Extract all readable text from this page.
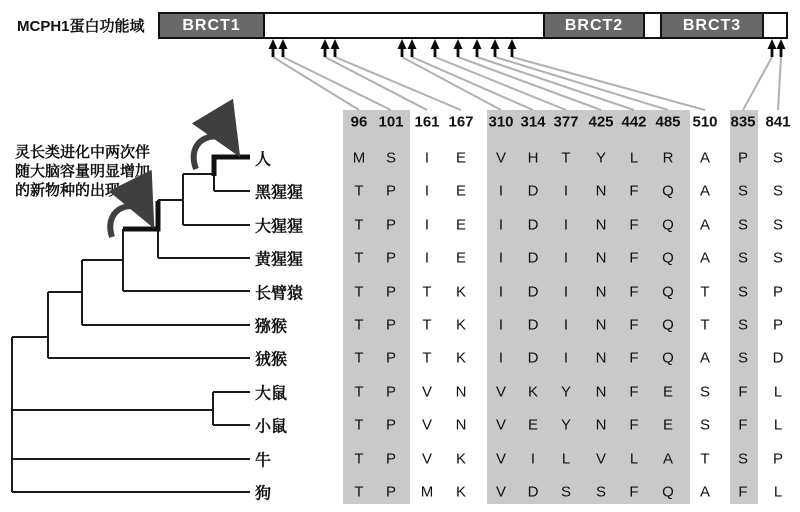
MCPH1蛋白功能域	BRCT1	BRCT2	BRCT3
灵长类进化中两次伴
随大脑容量明显增加
的新物种的出现
96 101 161 167 310 314 377 425 442 485 510 835 841
人	M S I E V H T Y L R A P S
黑猩猩	T P I E I D I N F Q A S S
大猩猩	T P I E I D I N F Q A S S
黄猩猩	T P I E I D I N F Q A S S
长臂猿	T P T K I D I N F Q T S P
猕猴	T P T K I D I N F Q T S P
狨猴	T P T K I D I N F Q A S D
大鼠	T P V N V K Y N F E S F L
小鼠	T P V N V E Y N F E S F L
牛	T P V K V I L V L A T S P
狗	T P M K V D S S F Q A F L
